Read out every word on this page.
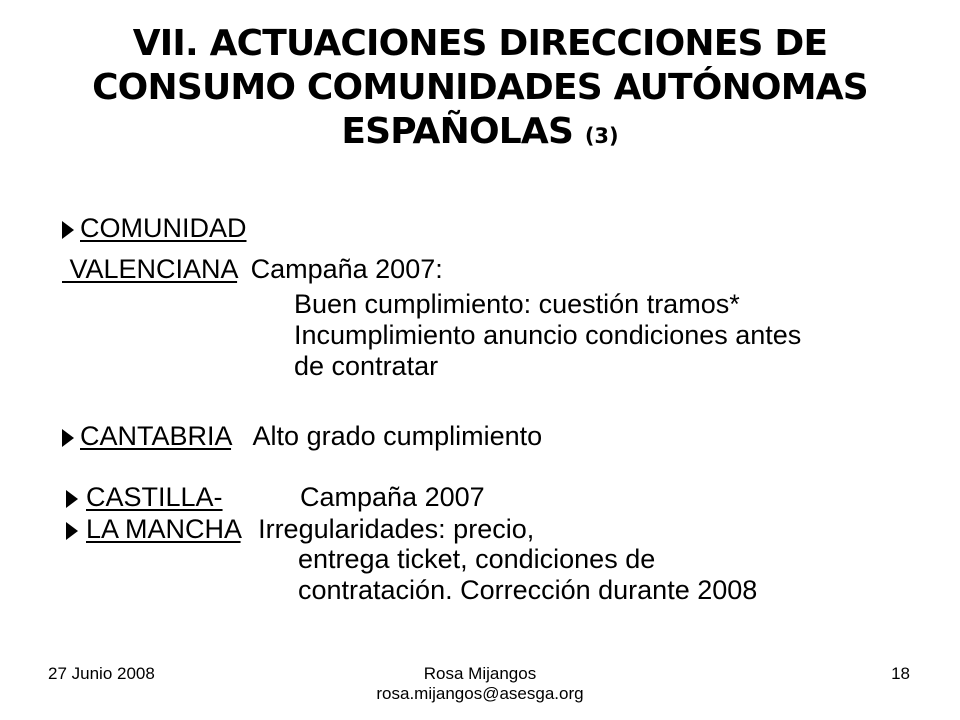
VII. ACTUACIONES DIRECCIONES DE CONSUMO COMUNIDADES AUTÓNOMAS ESPAÑOLAS (3)
COMUNIDAD
VALENCIANA Campaña 2007:
Buen cumplimiento: cuestión tramos*
Incumplimiento anuncio condiciones antes
de contratar
CANTABRIA Alto grado cumplimiento
CASTILLA-	Campaña 2007
LA MANCHA Irregularidades: precio,
entrega ticket, condiciones de
contratación. Corrección durante 2008
27 Junio 2008	Rosa Mijangos
rosa.mijangos@asesga.org
18
